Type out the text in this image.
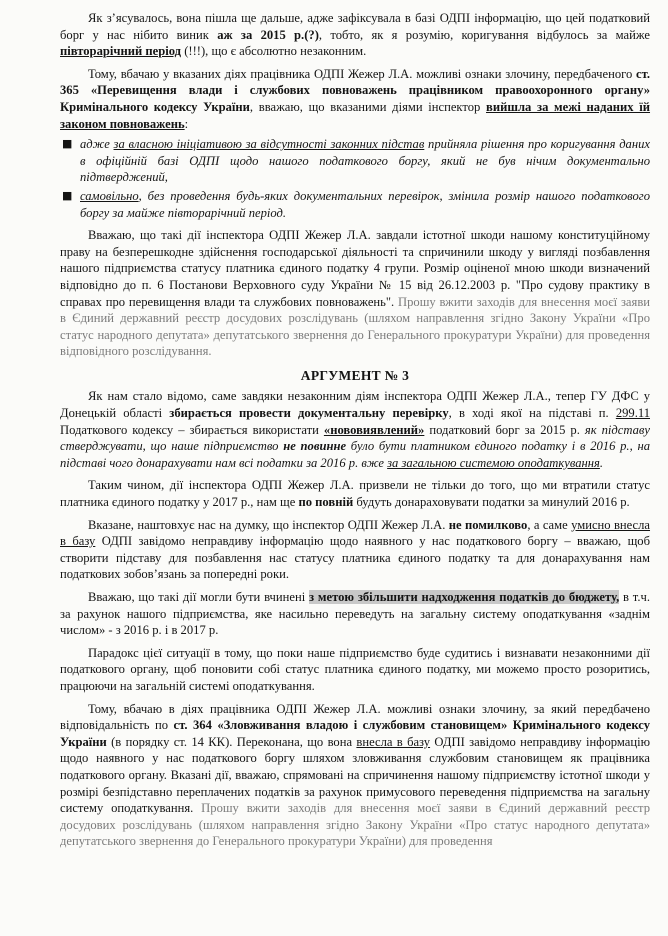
Як з’ясувалось, вона пішла ще дальше, адже зафіксувала в базі ОДПІ інформацію, що цей податковий борг у нас нібито виник аж за 2015 р.(?), тобто, як я розумію, коригування відбулось за майже півторарічний період (!!!), що є абсолютно незаконним.

Тому, вбачаю у вказаних діях працівника ОДПІ Жежер Л.А. можливі ознаки злочину, передбаченого ст. 365 «Перевищення влади і службових повноважень працівником правоохоронного органу» Кримінального кодексу України, вважаю, що вказаними діями інспектор вийшла за межі наданих їй законом повноважень:

■ адже за власною ініціативою за відсутності законних підстав прийняла рішення про коригування даних в офіційній базі ОДПІ щодо нашого податкового боргу, який не був нічим документально підтверджений,
■ самовільно, без проведення будь-яких документальних перевірок, змінила розмір нашого податкового боргу за майже півторарічний період.

Вважаю, що такі дії інспектора ОДПІ Жежер Л.А. завдали істотної шкоди нашому конституційному праву на безперешкодне здійснення господарської діяльності та спричинили шкоду у вигляді позбавлення нашого підприємства статусу платника єдиного податку 4 групи. Розмір оціненої мною шкоди визначений відповідно до п. 6 Постанови Верховного суду України № 15 від 26.12.2003 р. "Про судову практику в справах про перевищення влади та службових повноважень". Прошу вжити заходів для внесення моєї заяви в Єдиний державний реєстр досудових розслідувань (шляхом направлення згідно Закону України «Про статус народного депутата» депутатського звернення до Генерального прокуратури України) для проведення відповідного розслідування.

АРГУМЕНТ № 3

Як нам стало відомо, саме завдяки незаконним діям інспектора ОДПІ Жежер Л.А., тепер ГУ ДФС у Донецькій області збирається провести документальну перевірку, в ході якої на підставі п. 299.11 Податкового кодексу – збирається використати «нововиявлений» податковий борг за 2015 р. як підставу стверджувати, що наше підприємство не повинне було бути платником єдиного податку і в 2016 р., на підставі чого донарахувати нам всі податки за 2016 р. вже за загальною системою оподаткування.

Таким чином, дії інспектора ОДПІ Жежер Л.А. призвели не тільки до того, що ми втратили статус платника єдиного податку у 2017 р., нам ще по повній будуть донараховувати податки за минулий 2016 р.

Вказане, наштовхує нас на думку, що інспектор ОДПІ Жежер Л.А. не помилково, а саме умисно внесла в базу ОДПІ завідомо неправдиву інформацію щодо наявного у нас податкового боргу – вважаю, щоб створити підставу для позбавлення нас статусу платника єдиного податку та для донарахування нам податкових зобов’язань за попередні роки.

Вважаю, що такі дії могли бути вчинені з метою збільшити надходження податків до бюджету, в т.ч. за рахунок нашого підприємства, яке насильно переведуть на загальну систему оподаткування «заднім числом» - з 2016 р. і в 2017 р.

Парадокс цієї ситуації в тому, що поки наше підприємство буде судитись і визнавати незаконними дії податкового органу, щоб поновити собі статус платника єдиного податку, ми можемо просто розоритись, працюючи на загальній системі оподаткування.

Тому, вбачаю в діях працівника ОДПІ Жежер Л.А. можливі ознаки злочину, за який передбачено відповідальність по ст. 364 «Зловживання владою і службовим становищем» Кримінального кодексу України (в порядку ст. 14 КК). Переконана, що вона внесла в базу ОДПІ завідомо неправдиву інформацію щодо наявного у нас податкового боргу шляхом зловживання службовим становищем як працівника податкового органу. Вказані дії, вважаю, спрямовані на спричинення нашому підприємству істотної шкоди у розмірі безпідставно переплачених податків за рахунок примусового переведення підприємства на загальну систему оподаткування. Прошу вжити заходів для внесення моєї заяви в Єдиний державний реєстр досудових розслідувань (шляхом направлення згідно Закону України «Про статус народного депутата» депутатського звернення до Генерального прокуратури України) для проведення
